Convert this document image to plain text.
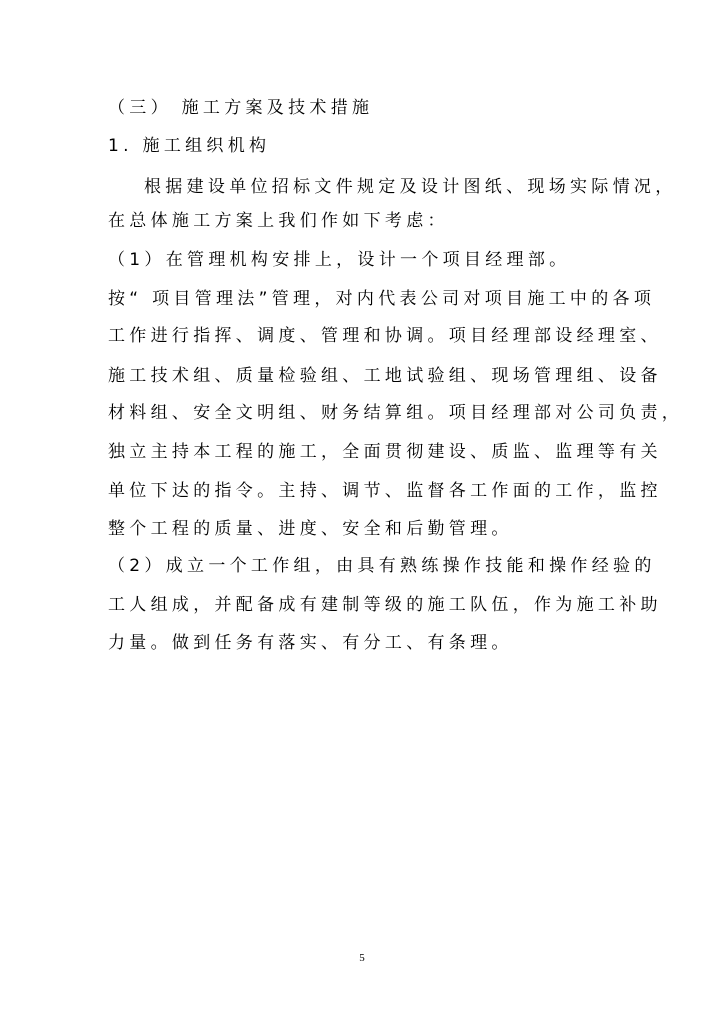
（三） 施工方案及技术措施
1. 施工组织机构
根据建设单位招标文件规定及设计图纸、现场实际情况，
在总体施工方案上我们作如下考虑：
（1）在管理机构安排上，设计一个项目经理部。
按“ 项目管理法”管理，对内代表公司对项目施工中的各项
工作进行指挥、调度、管理和协调。项目经理部设经理室、
施工技术组、质量检验组、工地试验组、现场管理组、设备
材料组、安全文明组、财务结算组。项目经理部对公司负责，
独立主持本工程的施工，全面贯彻建设、质监、监理等有关
单位下达的指令。主持、调节、监督各工作面的工作，监控
整个工程的质量、进度、安全和后勤管理。
（2）成立一个工作组，由具有熟练操作技能和操作经验的
工人组成，并配备成有建制等级的施工队伍，作为施工补助
力量。做到任务有落实、有分工、有条理。
5
